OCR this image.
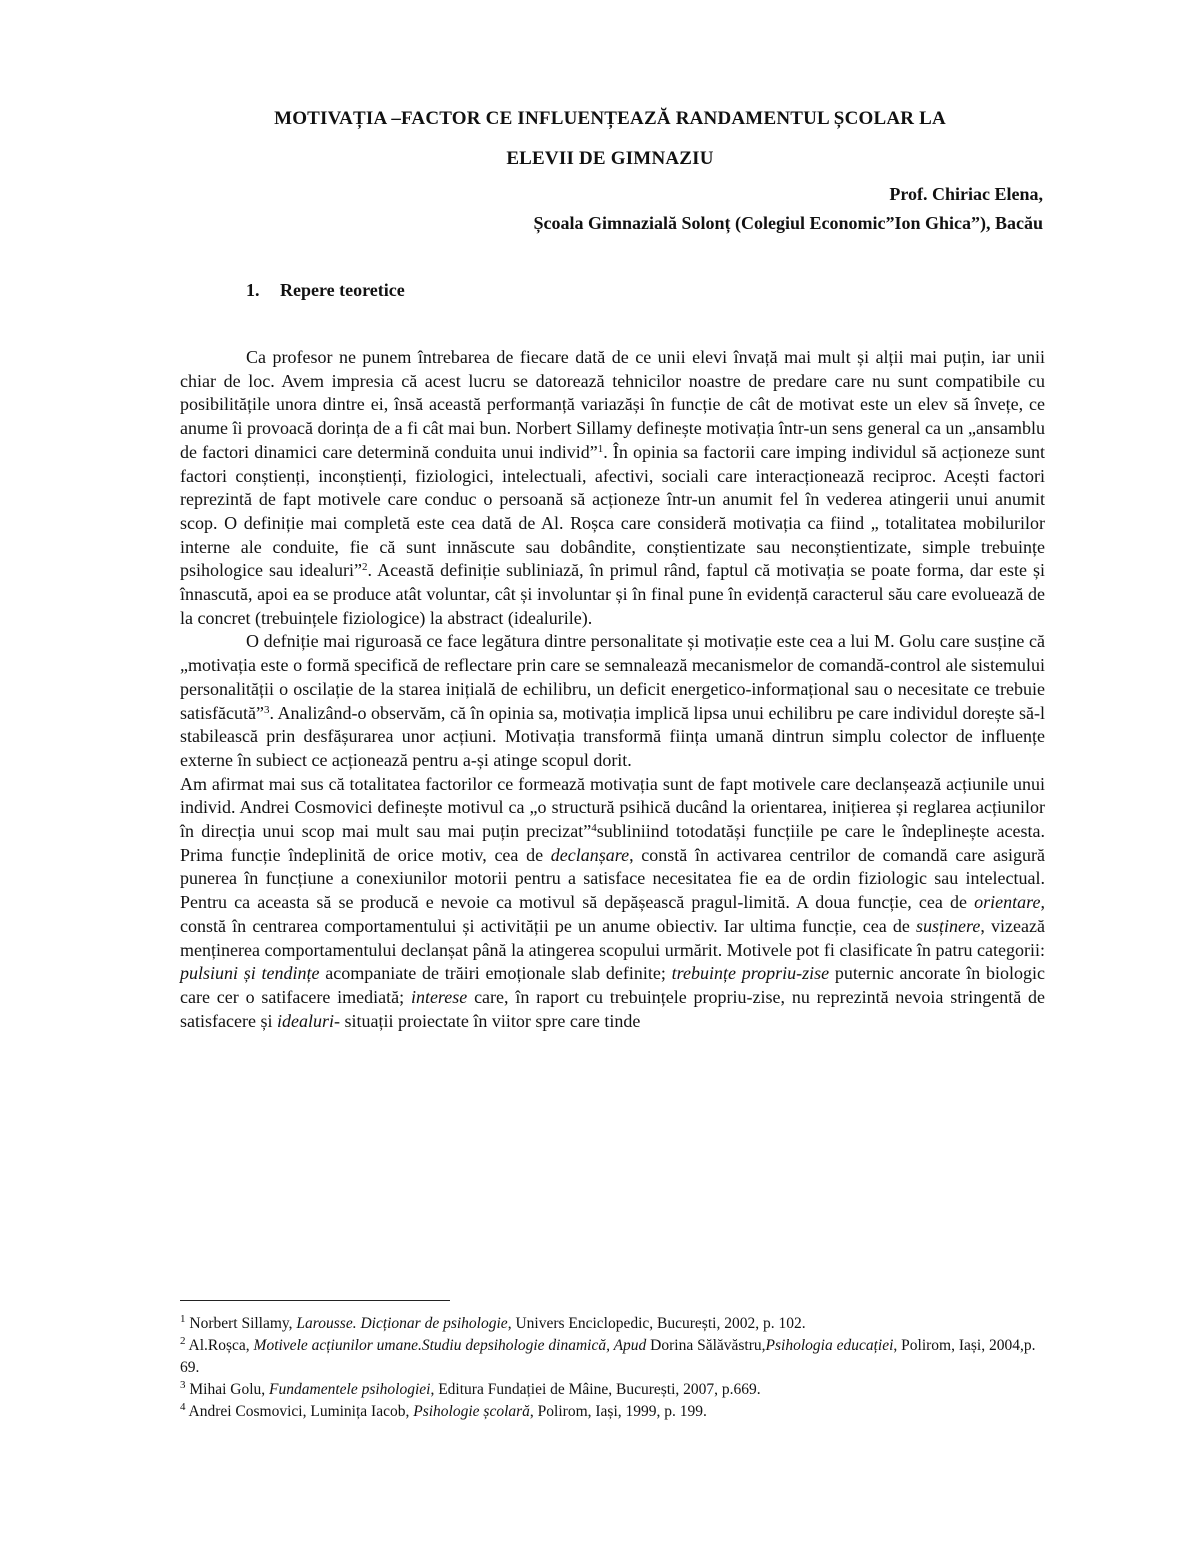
MOTIVAȚIA –FACTOR CE INFLUENȚEAZĂ RANDAMENTUL ȘCOLAR LA
ELEVII DE GIMNAZIU
Prof. Chiriac Elena,
Școala Gimnazială Solonț (Colegiul Economic”Ion Ghica”), Bacău
1. Repere teoretice

Ca profesor ne punem întrebarea de fiecare dată de ce unii elevi învață mai mult și alții mai puțin, iar unii chiar de loc. Avem impresia că acest lucru se datorează tehnicilor noastre de predare care nu sunt compatibile cu posibilitățile unora dintre ei, însă această performanță variazăși în funcție de cât de motivat este un elev să învețe, ce anume îi provoacă dorința de a fi cât mai bun. Norbert Sillamy definește motivația într-un sens general ca un „ansamblu de factori dinamici care determină conduita unui individ”$^1$. În opinia sa factorii care imping individul să acționeze sunt factori conștienți, inconștienți, fiziologici, intelectuali, afectivi, sociali care interacționează reciproc. Acești factori reprezintă de fapt motivele care conduc o persoană să acționeze într-un anumit fel în vederea atingerii unui anumit scop. O definiție mai completă este cea dată de Al. Roșca care consideră motivația ca fiind „ totalitatea mobilurilor interne ale conduite, fie că sunt innăscute sau dobândite, conștientizate sau neconștientizate, simple trebuințe psihologice sau idealuri”$^2$. Această definiție subliniază, în primul rând, faptul că motivația se poate forma, dar este și înnascută, apoi ea se produce atât voluntar, cât și involuntar și în final pune în evidență caracterul său care evoluează de la concret (trebuințele fiziologice) la abstract (idealurile).

O defniție mai riguroasă ce face legătura dintre personalitate și motivație este cea a lui M. Golu care susține că „motivația este o formă specifică de reflectare prin care se semnalează mecanismelor de comandă-control ale sistemului personalității o oscilație de la starea inițială de echilibru, un deficit energetico-informațional sau o necesitate ce trebuie satisfăcută”$^3$. Analizând-o observăm, că în opinia sa, motivația implică lipsa unui echilibru pe care individul dorește să-l stabilească prin desfășurarea unor acțiuni. Motivația transformă ființa umană dintrun simplu colector de influențe externe în subiect ce acționează pentru a-și atinge scopul dorit.

Am afirmat mai sus că totalitatea factorilor ce formează motivația sunt de fapt motivele care declanșează acțiunile unui individ. Andrei Cosmovici definește motivul ca „o structură psihică ducând la orientarea, inițierea și reglarea acțiunilor în direcția unui scop mai mult sau mai puțin precizat”$^4$subliniind totodatăși funcțiile pe care le îndeplinește acesta. Prima funcție îndeplinită de orice motiv, cea de declanșare, constă în activarea centrilor de comandă care asigură punerea în funcțiune a conexiunilor motorii pentru a satisface necesitatea fie ea de ordin fiziologic sau intelectual. Pentru ca aceasta să se producă e nevoie ca motivul să depășească pragul-limită. A doua funcție, cea de orientare, constă în centrarea comportamentului și activității pe un anume obiectiv. Iar ultima funcție, cea de susținere, vizează menținerea comportamentului declanșat până la atingerea scopului urmărit. Motivele pot fi clasificate în patru categorii: pulsiuni și tendințe acompaniate de trăiri emoționale slab definite; trebuințe propriu-zise puternic ancorate în biologic care cer o satifacere imediată; interese care, în raport cu trebuințele propriu-zise, nu reprezintă nevoia stringentă de satisfacere și idealuri- situații proiectate în viitor spre care tinde

$^1$ Norbert Sillamy, Larousse. Dicționar de psihologie, Univers Enciclopedic, București, 2002, p. 102.

$^2$ Al.Roșca, Motivele acțiunilor umane.Studiu depsihologie dinamică, Apud Dorina Sălăvăstru,Psihologia educației, Polirom, Iași, 2004,p. 69.

$^3$ Mihai Golu, Fundamentele psihologiei, Editura Fundației de Mâine, București, 2007, p.669.

$^4$ Andrei Cosmovici, Luminița Iacob, Psihologie școlară, Polirom, Iași, 1999, p. 199.
